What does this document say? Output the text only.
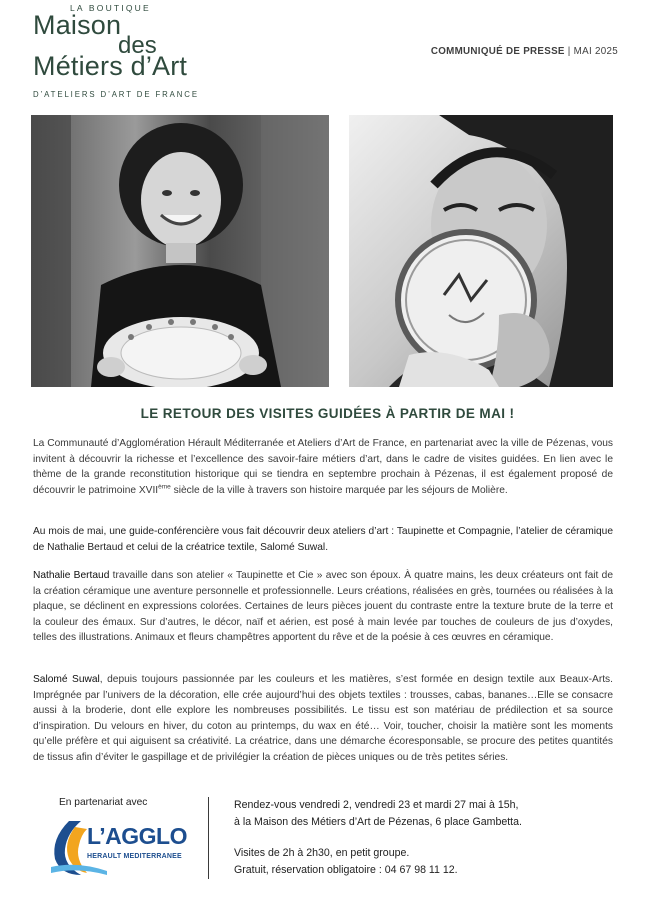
LA BOUTIQUE
Maison
des
Métiers d’Art
D’ATELIERS D’ART DE FRANCE
COMMUNIQUÉ DE PRESSE | MAI 2025
LE RETOUR DES VISITES GUIDÉES À PARTIR DE MAI !
La Communauté d’Agglomération Hérault Méditerranée et Ateliers d’Art de France, en partenariat avec la ville de Pézenas, vous invitent à découvrir la richesse et l’excellence des savoir-faire métiers d’art, dans le cadre de visites guidées. En lien avec le thème de la grande reconstitution historique qui se tiendra en septembre prochain à Pézenas, il est également proposé de découvrir le patrimoine XVIIème siècle de la ville à travers son histoire marquée par les séjours de Molière.
Au mois de mai, une guide-conférencière vous fait découvrir deux ateliers d’art : Taupinette et Compagnie, l’atelier de céramique de Nathalie Bertaud et celui de la créatrice textile, Salomé Suwal.
Nathalie Bertaud travaille dans son atelier « Taupinette et Cie » avec son époux. À quatre mains, les deux créateurs ont fait de la création céramique une aventure personnelle et professionnelle. Leurs créations, réalisées en grès, tournées ou réalisées à la plaque, se déclinent en expressions colorées. Certaines de leurs pièces jouent du contraste entre la texture brute de la terre et la couleur des émaux. Sur d’autres, le décor, naïf et aérien, est posé à main levée par touches de couleurs de jus d’oxydes, telles des illustrations. Animaux et fleurs champêtres apportent du rêve et de la poésie à ces œuvres en céramique.
Salomé Suwal, depuis toujours passionnée par les couleurs et les matières, s’est formée en design textile aux Beaux-Arts. Imprégnée par l’univers de la décoration, elle crée aujourd’hui des objets textiles : trousses, cabas, bananes…Elle se consacre aussi à la broderie, dont elle explore les nombreuses possibilités. Le tissu est son matériau de prédilection et sa source d’inspiration. Du velours en hiver, du coton au printemps, du wax en été… Voir, toucher, choisir la matière sont les moments qu’elle préfère et qui aiguisent sa créativité. La créatrice, dans une démarche écoresponsable, se procure des petites quantités de tissus afin d’éviter le gaspillage et de privilégier la création de pièces uniques ou de très petites séries.
En partenariat avec
L’AGGLO
HERAULT MEDITERRANEE
Rendez-vous vendredi 2, vendredi 23 et mardi 27 mai à 15h,
à la Maison des Métiers d’Art de Pézenas, 6 place Gambetta.
Visites de 2h à 2h30, en petit groupe.
Gratuit, réservation obligatoire : 04 67 98 11 12.
